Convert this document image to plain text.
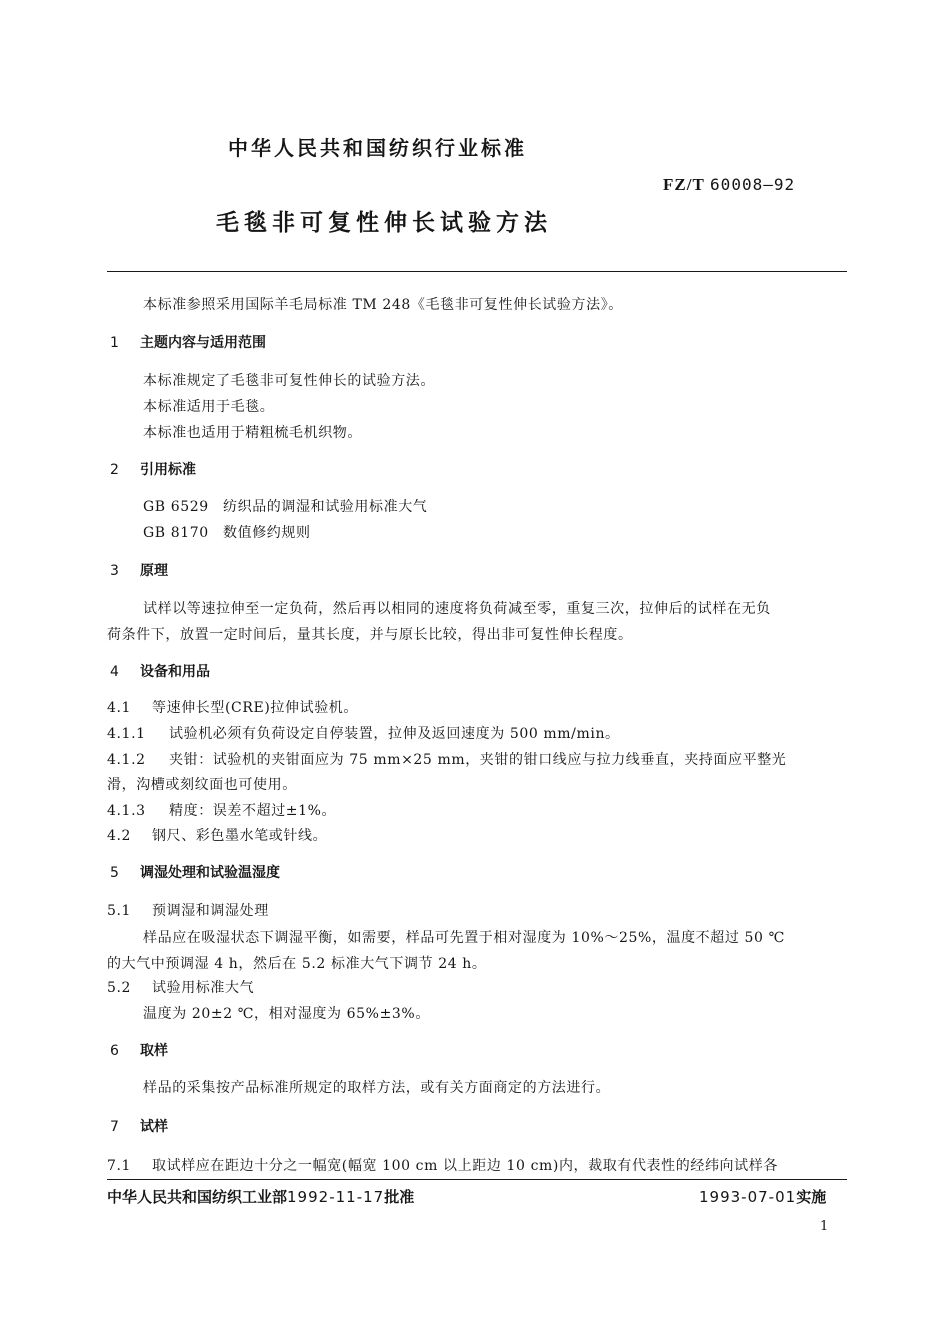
中华人民共和国纺织行业标准
FZ/T 60008—92
毛毯非可复性伸长试验方法
本标准参照采用国际羊毛局标准 TM 248《毛毯非可复性伸长试验方法》。
1 主题内容与适用范围
本标准规定了毛毯非可复性伸长的试验方法。
本标准适用于毛毯。
本标准也适用于精粗梳毛机织物。
2 引用标准
GB 6529 纺织品的调湿和试验用标准大气
GB 8170 数值修约规则
3 原理
试样以等速拉伸至一定负荷，然后再以相同的速度将负荷减至零，重复三次，拉伸后的试样在无负
荷条件下，放置一定时间后，量其长度，并与原长比较，得出非可复性伸长程度。
4 设备和用品
4.1 等速伸长型(CRE)拉伸试验机。
4.1.1 试验机必须有负荷设定自停装置，拉伸及返回速度为 500 mm/min。
4.1.2 夹钳：试验机的夹钳面应为 75 mm×25 mm，夹钳的钳口线应与拉力线垂直，夹持面应平整光
滑，沟槽或刻纹面也可使用。
4.1.3 精度：误差不超过±1%。
4.2 钢尺、彩色墨水笔或针线。
5 调湿处理和试验温湿度
5.1 预调湿和调湿处理
样品应在吸湿状态下调湿平衡，如需要，样品可先置于相对湿度为 10%～25%，温度不超过 50 ℃
的大气中预调湿 4 h，然后在 5.2 标准大气下调节 24 h。
5.2 试验用标准大气
温度为 20±2 ℃，相对湿度为 65%±3%。
6 取样
样品的采集按产品标准所规定的取样方法，或有关方面商定的方法进行。
7 试样
7.1 取试样应在距边十分之一幅宽(幅宽 100 cm 以上距边 10 cm)内，裁取有代表性的经纬向试样各
中华人民共和国纺织工业部1992-11-17批准	1993-07-01实施
1
